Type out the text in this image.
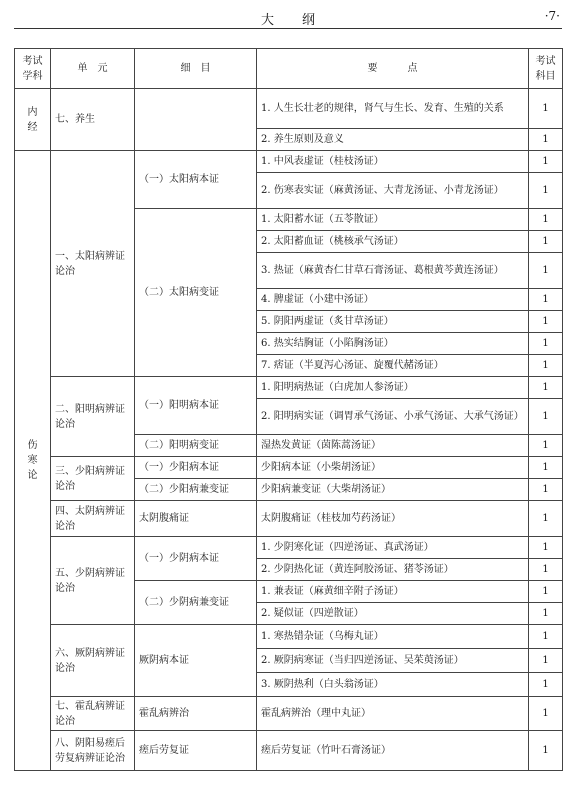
大纲	·7·
考试学科	单　元	细　目	要　　　点	考试科目
内经	七、养生		1. 人生长壮老的规律，肾气与生长、发育、生殖的关系	1
			2. 养生原则及意义	1
伤寒论	一、太阳病辨证论治	（一）太阳病本证	1. 中风表虚证（桂枝汤证）	1
			2. 伤寒表实证（麻黄汤证、大青龙汤证、小青龙汤证）	1
		（二）太阳病变证	1. 太阳蓄水证（五苓散证）	1
			2. 太阳蓄血证（桃核承气汤证）	1
			3. 热证（麻黄杏仁甘草石膏汤证、葛根黄芩黄连汤证）	1
			4. 脾虚证（小建中汤证）	1
			5. 阴阳两虚证（炙甘草汤证）	1
			6. 热实结胸证（小陷胸汤证）	1
			7. 痞证（半夏泻心汤证、旋覆代赭汤证）	1
	二、阳明病辨证论治	（一）阳明病本证	1. 阳明病热证（白虎加人参汤证）	1
			2. 阳明病实证（调胃承气汤证、小承气汤证、大承气汤证）	1
		（二）阳明病变证	湿热发黄证（茵陈蒿汤证）	1
	三、少阳病辨证论治	（一）少阳病本证	少阳病本证（小柴胡汤证）	1
		（二）少阳病兼变证	少阳病兼变证（大柴胡汤证）	1
	四、太阴病辨证论治	太阴腹痛证	太阴腹痛证（桂枝加芍药汤证）	1
	五、少阴病辨证论治	（一）少阴病本证	1. 少阴寒化证（四逆汤证、真武汤证）	1
			2. 少阴热化证（黄连阿胶汤证、猪苓汤证）	1
		（二）少阴病兼变证	1. 兼表证（麻黄细辛附子汤证）	1
			2. 疑似证（四逆散证）	1
	六、厥阴病辨证论治	厥阴病本证	1. 寒热错杂证（乌梅丸证）	1
			2. 厥阴病寒证（当归四逆汤证、吴茱萸汤证）	1
			3. 厥阴热利（白头翁汤证）	1
	七、霍乱病辨证论治	霍乱病辨治	霍乱病辨治（理中丸证）	1
	八、阴阳易瘥后劳复病辨证论治	瘥后劳复证	瘥后劳复证（竹叶石膏汤证）	1
